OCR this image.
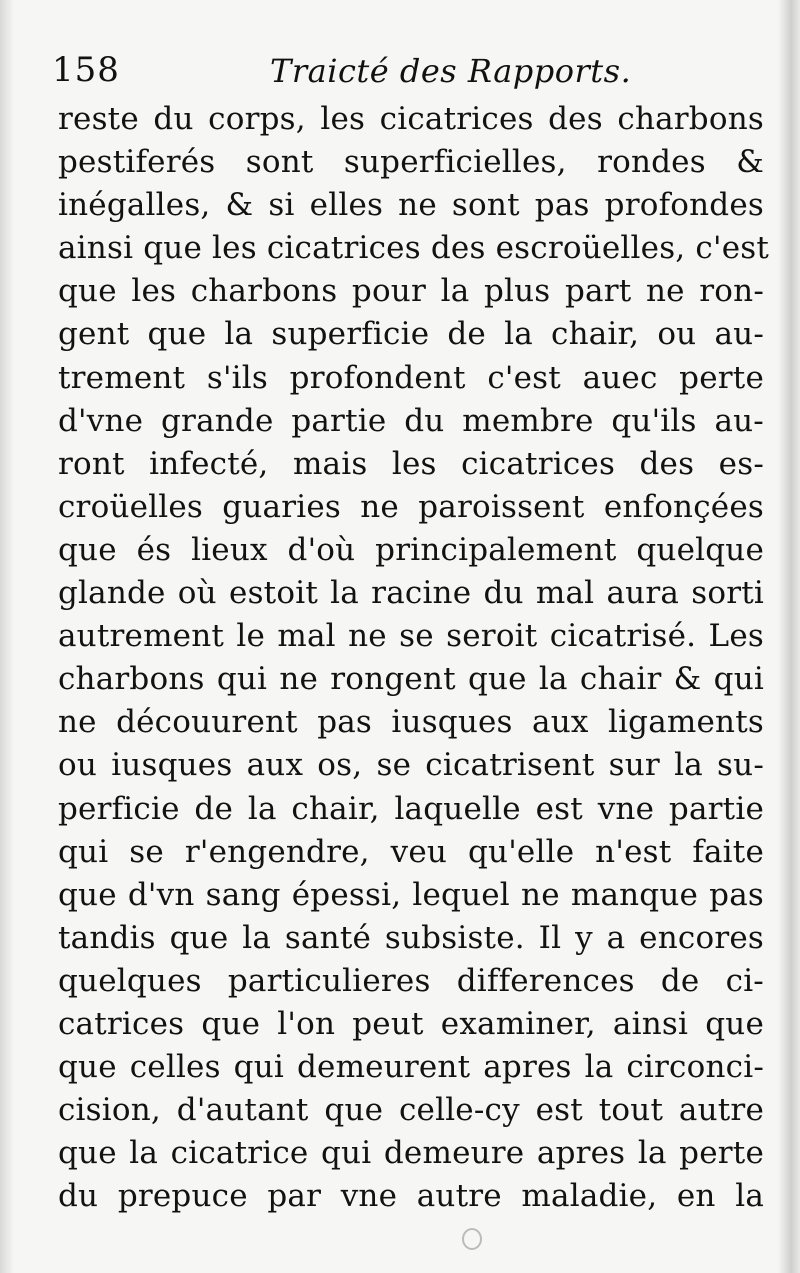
158	Traicté des Rapports.
reste du corps, les cicatrices des charbons
pestiferés sont superficielles, rondes &
inégalles, & si elles ne sont pas profondes
ainsi que les cicatrices des escroüelles, c'est
que les charbons pour la plus part ne ron-
gent que la superficie de la chair, ou au-
trement s'ils profondent c'est auec perte
d'vne grande partie du membre qu'ils au-
ront infecté, mais les cicatrices des es-
croüelles guaries ne paroissent enfonçées
que és lieux d'où principalement quelque
glande où estoit la racine du mal aura sorti
autrement le mal ne se seroit cicatrisé. Les
charbons qui ne rongent que la chair & qui
ne découurent pas iusques aux ligaments
ou iusques aux os, se cicatrisent sur la su-
perficie de la chair, laquelle est vne partie
qui se r'engendre, veu qu'elle n'est faite
que d'vn sang épessi, lequel ne manque pas
tandis que la santé subsiste. Il y a encores
quelques particulieres differences de ci-
catrices que l'on peut examiner, ainsi que
que celles qui demeurent apres la circonci-
cision, d'autant que celle-cy est tout autre
que la cicatrice qui demeure apres la perte
du prepuce par vne autre maladie, en la
